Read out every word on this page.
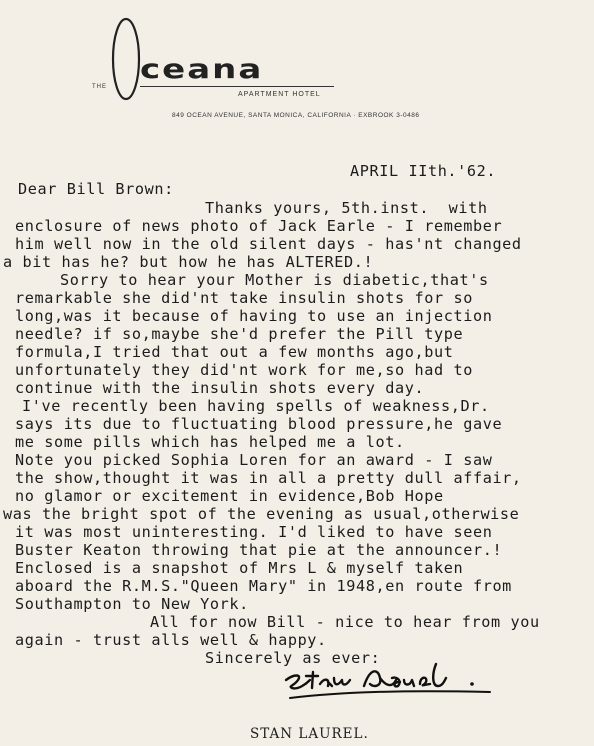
THE
ceana
APARTMENT HOTEL
849 OCEAN AVENUE, SANTA MONICA, CALIFORNIA · EXBROOK 3-0486
APRIL IIth.'62.
Dear Bill Brown:
Thanks yours, 5th.inst.  with
enclosure of news photo of Jack Earle - I remember
him well now in the old silent days - has'nt changed
a bit has he? but how he has ALTERED.!
Sorry to hear your Mother is diabetic,that's
remarkable she did'nt take insulin shots for so
long,was it because of having to use an injection
needle? if so,maybe she'd prefer the Pill type
formula,I tried that out a few months ago,but
unfortunately they did'nt work for me,so had to
continue with the insulin shots every day.
I've recently been having spells of weakness,Dr.
says its due to fluctuating blood pressure,he gave
me some pills which has helped me a lot.
Note you picked Sophia Loren for an award - I saw
the show,thought it was in all a pretty dull affair,
no glamor or excitement in evidence,Bob Hope
was the bright spot of the evening as usual,otherwise
it was most uninteresting. I'd liked to have seen
Buster Keaton throwing that pie at the announcer.!
Enclosed is a snapshot of Mrs L & myself taken
aboard the R.M.S."Queen Mary" in 1948,en route from
Southampton to New York.
All for now Bill - nice to hear from you
again - trust alls well & happy.
Sincerely as ever:
STAN LAUREL.
